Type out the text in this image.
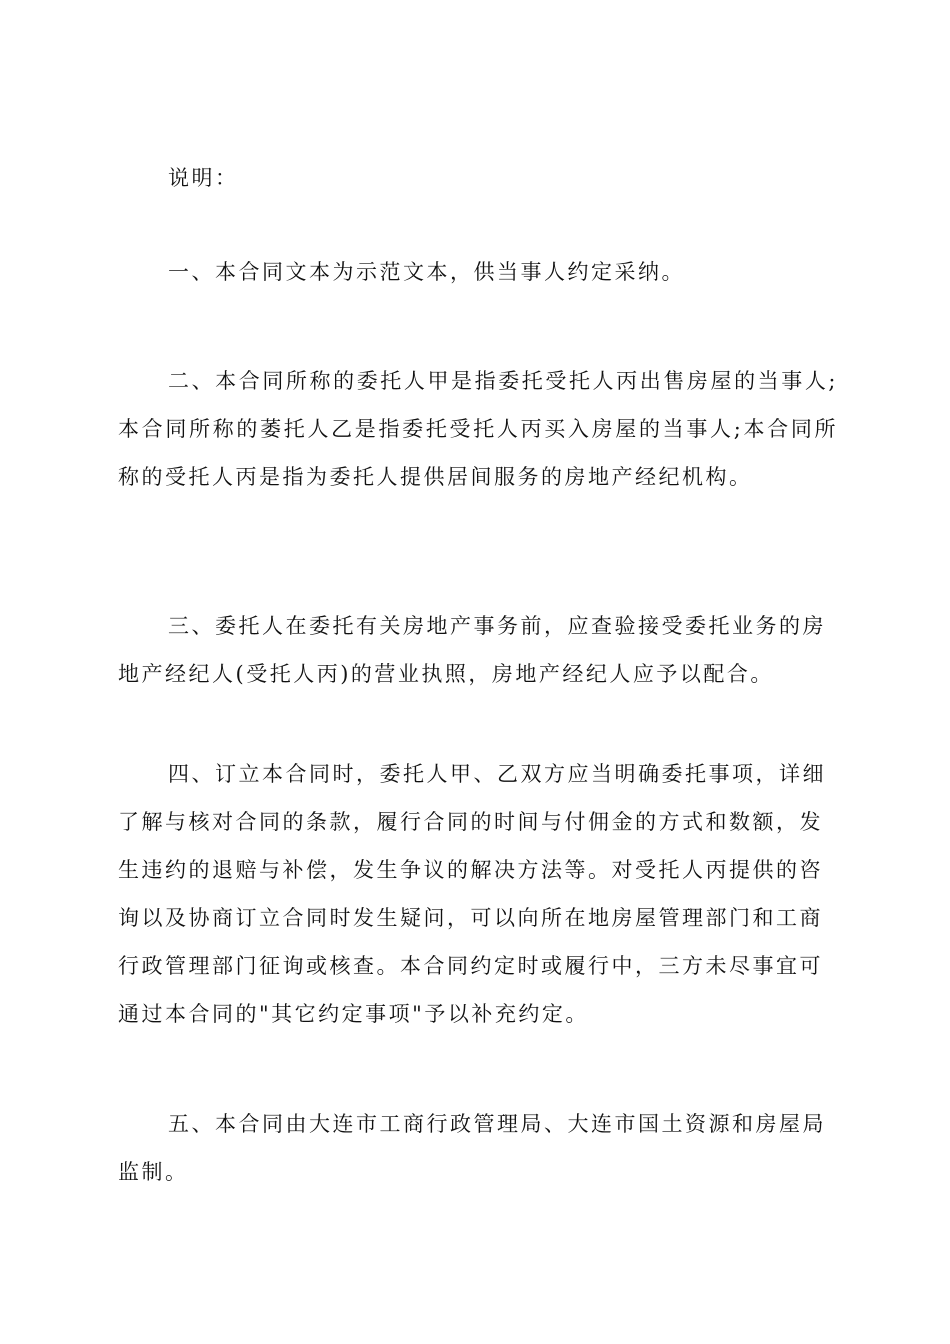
说明：
一、本合同文本为示范文本，供当事人约定采纳。
二、本合同所称的委托人甲是指委托受托人丙出售房屋的当事人;本合同所称的萎托人乙是指委托受托人丙买入房屋的当事人;本合同所称的受托人丙是指为委托人提供居间服务的房地产经纪机构。
三、委托人在委托有关房地产事务前，应查验接受委托业务的房地产经纪人(受托人丙)的营业执照，房地产经纪人应予以配合。
四、订立本合同时，委托人甲、乙双方应当明确委托事项，详细了解与核对合同的条款，履行合同的时间与付佣金的方式和数额，发生违约的退赔与补偿，发生争议的解决方法等。对受托人丙提供的咨询以及协商订立合同时发生疑问，可以向所在地房屋管理部门和工商行政管理部门征询或核查。本合同约定时或履行中，三方未尽事宜可通过本合同的"其它约定事项"予以补充约定。
五、本合同由大连市工商行政管理局、大连市国土资源和房屋局监制。
